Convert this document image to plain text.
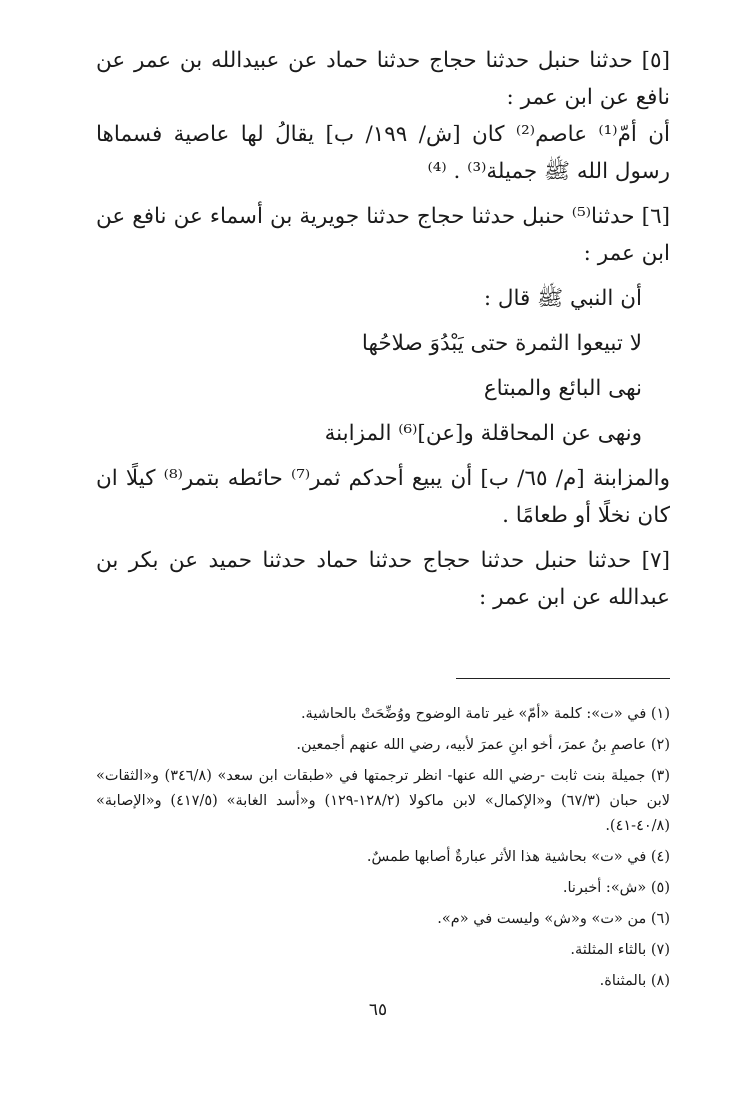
[٥] حدثنا حنبل حدثنا حجاج حدثنا حماد عن عبيدالله بن عمر عن نافع عن ابن عمر :

أن أمّ⁽¹⁾ عاصم⁽²⁾ كان [ش/ ١٩٩/ ب] يقالُ لها عاصية فسماها رسول الله ﷺ جميلة⁽³⁾ . ⁽⁴⁾

[٦] حدثنا⁽⁵⁾ حنبل حدثنا حجاج حدثنا جويرية بن أسماء عن نافع عن ابن عمر :

أن النبي ﷺ قال :

لا تبيعوا الثمرة حتى يَبْدُوَ صلاحُها

نهى البائع والمبتاع

ونهى عن المحاقلة و[عن]⁽⁶⁾ المزابنة

والمزابنة [م/ ٦٥/ ب] أن يبيع أحدكم ثمر⁽⁷⁾ حائطه بتمر⁽⁸⁾ كيلًا ان كان نخلًا أو طعامًا .

[٧] حدثنا حنبل حدثنا حجاج حدثنا حماد حدثنا حميد عن بكر بن عبدالله عن ابن عمر :

(١) في «ت»: كلمة «أمّ» غير تامة الوضوح ووُضِّحَتْ بالحاشية.

(٢) عاصمِ بنُ عمرَ، أخو ابنِ عمرَ لأبيه، رضي الله عنهم أجمعين.

(٣) جميلة بنت ثابت -رضي الله عنها- انظر ترجمتها في «طبقات ابن سعد» (٣٤٦/٨) و«الثقات» لابن حبان (٦٧/٣) و«الإكمال» لابن ماكولا (١٢٨/٢-١٢٩) و«أسد الغابة» (٤١٧/٥) و«الإصابة» (٤٠/٨-٤١).

(٤) في «ت» بحاشية هذا الأثر عبارةٌ أصابها طمسٌ.

(٥) «ش»: أخبرنا.

(٦) من «ت» و«ش» وليست في «م».

(٧) بالثاء المثلثة.

(٨) بالمثناة.

٦٥
